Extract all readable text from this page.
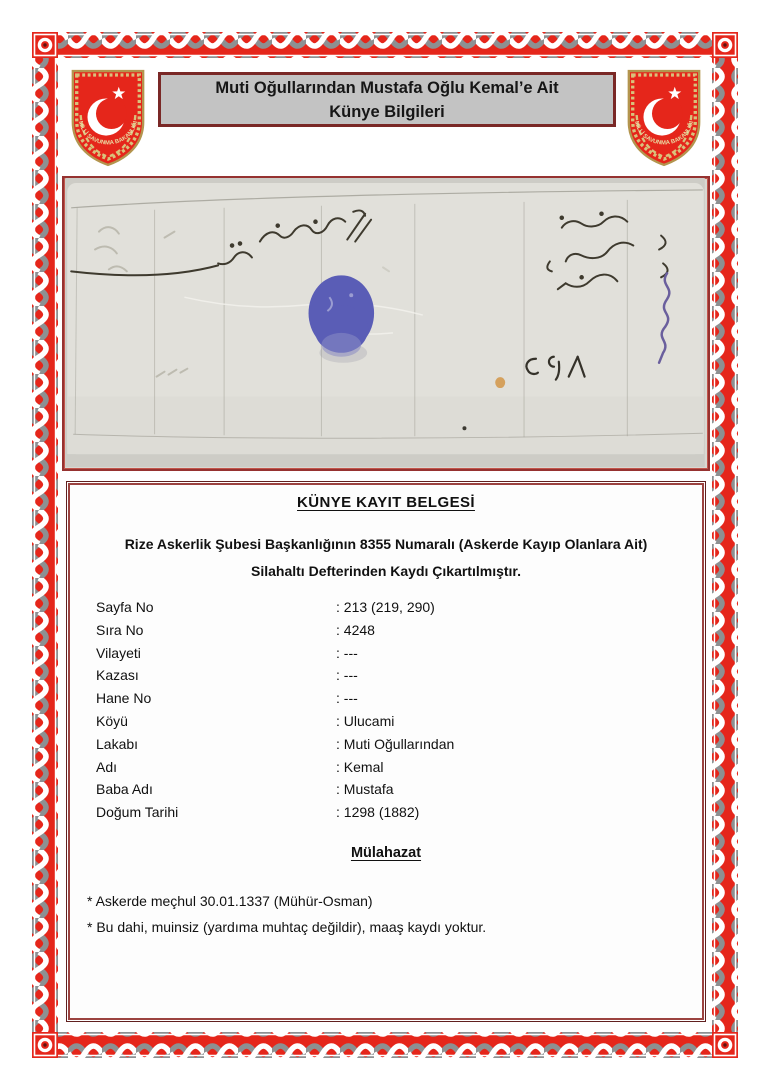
Muti Oğullarından Mustafa Oğlu Kemal’e Ait
Künye Bilgileri
KÜNYE KAYIT BELGESİ
Rize Askerlik Şubesi Başkanlığının 8355 Numaralı (Askerde Kayıp Olanlara Ait)
Silahaltı Defterinden Kaydı Çıkartılmıştır.
Sayfa No	: 213 (219, 290)
Sıra No	: 4248
Vilayeti	: ---
Kazası	: ---
Hane No	: ---
Köyü	: Ulucami
Lakabı	: Muti Oğullarından
Adı	: Kemal
Baba Adı	: Mustafa
Doğum Tarihi	: 1298 (1882)
Mülahazat
* Askerde meçhul 30.01.1337 (Mühür-Osman)
* Bu dahi, muinsiz (yardıma muhtaç değildir), maaş kaydı yoktur.
